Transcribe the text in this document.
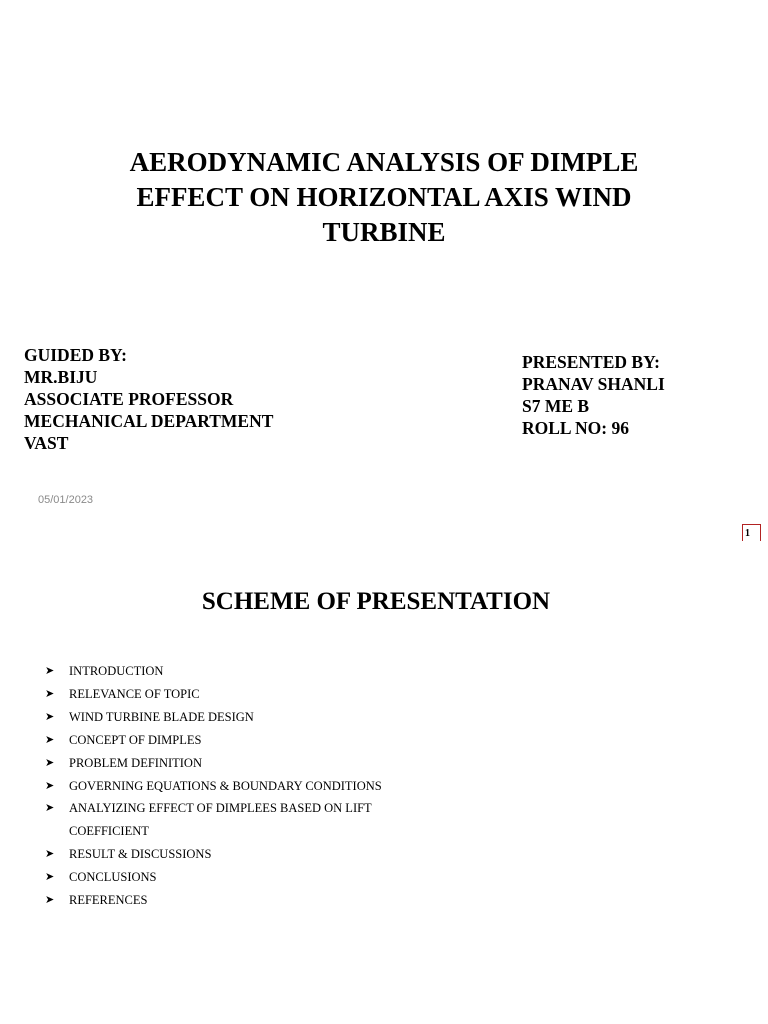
AERODYNAMIC ANALYSIS OF DIMPLE
EFFECT ON HORIZONTAL AXIS WIND
TURBINE
GUIDED BY:
MR.BIJU
ASSOCIATE PROFESSOR
MECHANICAL DEPARTMENT
VAST
PRESENTED BY:
PRANAV SHANLI
S7 ME B
ROLL NO: 96
05/01/2023
1
SCHEME OF PRESENTATION
➤	INTRODUCTION
➤	RELEVANCE OF TOPIC
➤	WIND TURBINE BLADE DESIGN
➤	CONCEPT OF DIMPLES
➤	PROBLEM DEFINITION
➤	GOVERNING EQUATIONS & BOUNDARY CONDITIONS
➤	ANALYIZING EFFECT OF DIMPLEES BASED ON LIFT COEFFICIENT
➤	RESULT & DISCUSSIONS
➤	CONCLUSIONS
➤	REFERENCES
